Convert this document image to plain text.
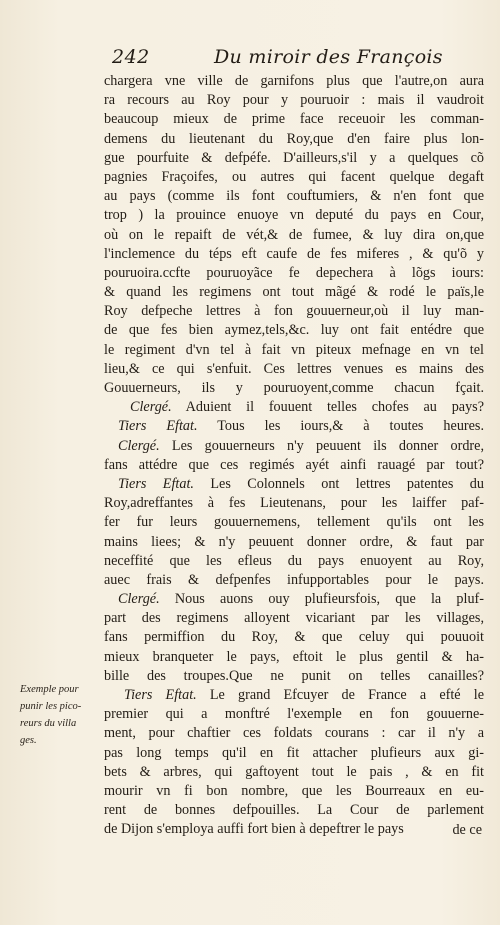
242	Du miroir des François
chargera vne ville de garnifons plus que l'autre,on aura
ra recours au Roy pour y pouruoir : mais il vaudroit
beaucoup mieux de prime face receuoir les comman-
demens du lieutenant du Roy,que d'en faire plus lon-
gue pourfuite & defpéfe. D'ailleurs,s'il y a quelques cõ
pagnies Fraçoifes, ou autres qui facent quelque degaft
au pays (comme ils font couftumiers, & n'en font que
trop ) la prouince enuoye vn deputé du pays en Cour,
où on le repaift de vét,& de fumee, & luy dira on,que
l'inclemence du téps eft caufe de fes miferes , & qu'õ y
pouruoira.ccfte pouruoyãce fe depechera à lõgs iours:
& quand les regimens ont tout mãgé & rodé le païs,le
Roy defpeche lettres à fon gouuerneur,où il luy man-
de que fes bien aymez,tels,&c. luy ont fait entédre que
le regiment d'vn tel à fait vn piteux mefnage en vn tel
lieu,& ce qui s'enfuit. Ces lettres venues es mains des
Gouuerneurs, ils y pouruoyent,comme chacun fçait.
Clergé. Aduient il fouuent telles chofes au pays?
Tiers Eftat. Tous les iours,& à toutes heures.
Clergé. Les gouuerneurs n'y peuuent ils donner ordre,
fans attédre que ces regimés ayét ainfi rauagé par tout?
Tiers Eftat. Les Colonnels ont lettres patentes du
Roy,adreffantes à fes Lieutenans, pour les laiffer paf-
fer fur leurs gouuernemens, tellement qu'ils ont les
mains liees; & n'y peuuent donner ordre, & faut par
neceffité que les efleus du pays enuoyent au Roy,
auec frais & defpenfes infupportables pour le pays.
Clergé. Nous auons ouy plufieursfois, que la pluf-
part des regimens alloyent vicariant par les villages,
fans permiffion du Roy, & que celuy qui pouuoit
mieux branqueter le pays, eftoit le plus gentil & ha-
bille des troupes.Que ne punit on telles canailles?
Tiers Eftat. Le grand Efcuyer de France a efté le
premier qui a monftré l'exemple en fon gouuerne-
ment, pour chaftier ces foldats courans : car il n'y a
pas long temps qu'il en fit attacher plufieurs aux gi-
bets & arbres, qui gaftoyent tout le pais , & en fit
mourir vn fi bon nombre, que les Bourreaux en eu-
rent de bonnes defpouilles. La Cour de parlement
de Dijon s'employa auffi fort bien à depeftrer le pays
Exemple pour
punir les pico-
reurs du villa
ges.
de ce
